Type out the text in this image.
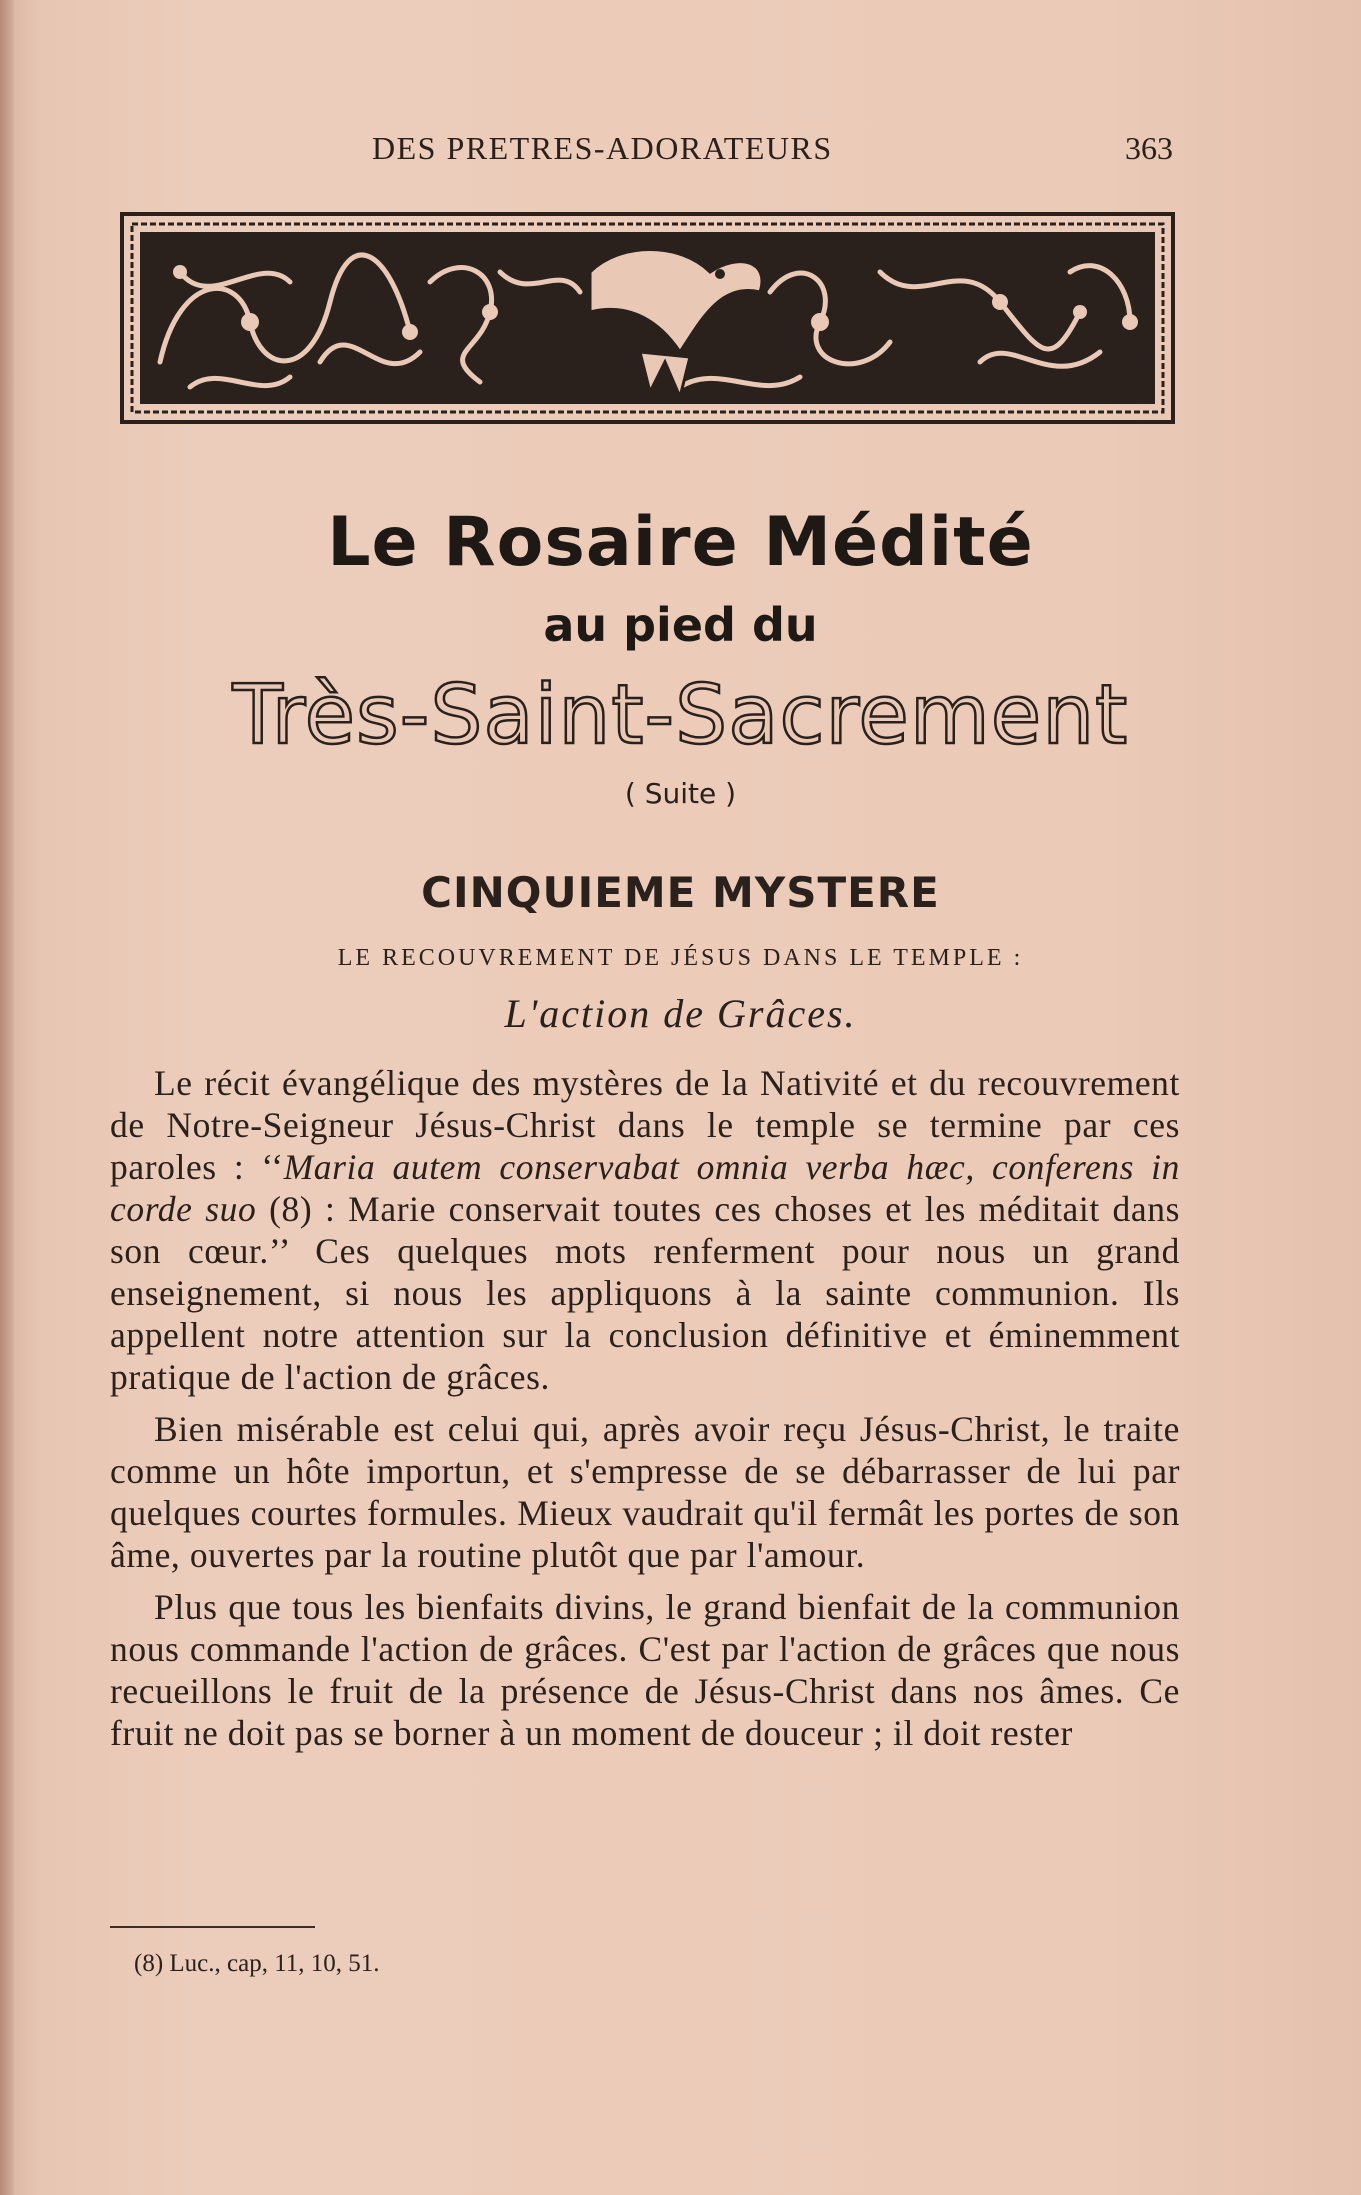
DES PRETRES-ADORATEURS	363
Le Rosaire Médité
au pied du
Très-Saint-Sacrement
( Suite )
CINQUIEME MYSTERE
LE RECOUVREMENT DE JÉSUS DANS LE TEMPLE :
L'action de Grâces.

Le récit évangélique des mystères de la Nativité et du recouvrement de Notre-Seigneur Jésus-Christ dans le temple se termine par ces paroles : ‘‘Maria autem conservabat omnia verba hæc, conferens in corde suo (8) : Marie conservait toutes ces choses et les méditait dans son cœur.’’ Ces quelques mots renferment pour nous un grand enseignement, si nous les appliquons à la sainte communion. Ils appellent notre attention sur la conclusion définitive et éminemment pratique de l'action de grâces.

Bien misérable est celui qui, après avoir reçu Jésus-Christ, le traite comme un hôte importun, et s'empresse de se débarrasser de lui par quelques courtes formules. Mieux vaudrait qu'il fermât les portes de son âme, ouvertes par la routine plutôt que par l'amour.

Plus que tous les bienfaits divins, le grand bienfait de la communion nous commande l'action de grâces. C'est par l'action de grâces que nous recueillons le fruit de la présence de Jésus-Christ dans nos âmes. Ce fruit ne doit pas se borner à un moment de douceur ; il doit rester

(8) Luc., cap, 11, 10, 51.
